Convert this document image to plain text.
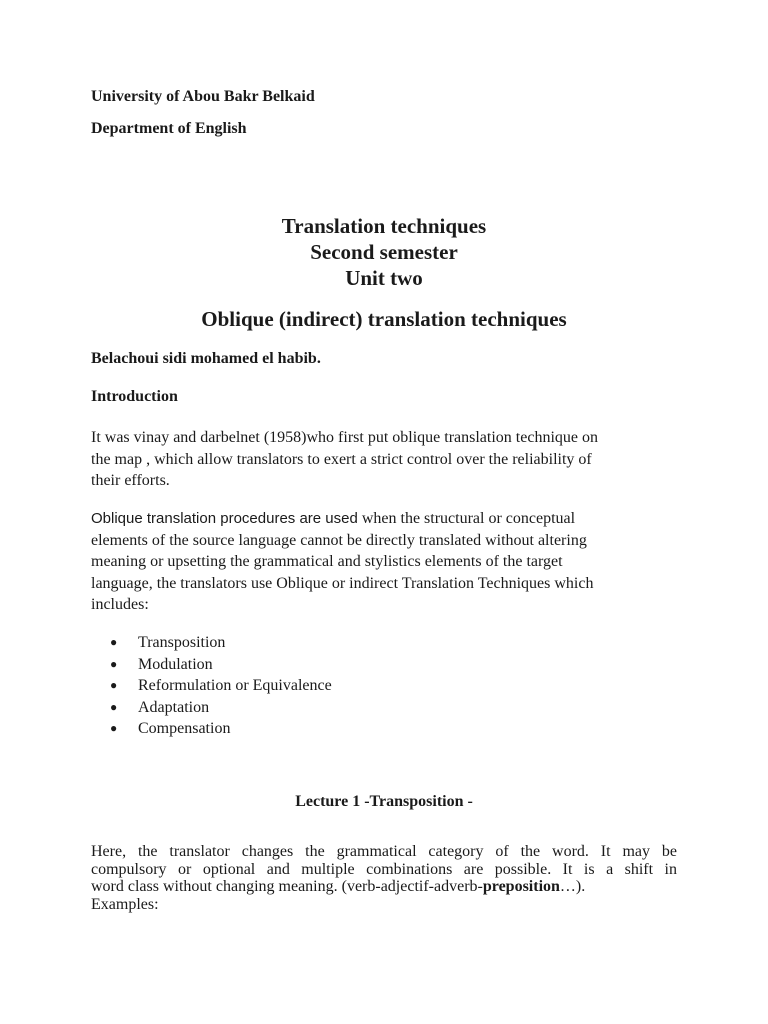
University of Abou Bakr Belkaid
Department of English
Translation techniques
Second semester
Unit two
Oblique (indirect) translation techniques
Belachoui sidi mohamed el habib.
Introduction
It was vinay and darbelnet (1958)who first put oblique translation technique on
the map , which allow translators to exert a strict control over the reliability of
their efforts.
Oblique translation procedures are used when the structural or conceptual
elements of the source language cannot be directly translated without altering
meaning or upsetting the grammatical and stylistics elements of the target
language, the translators use Oblique or indirect Translation Techniques which
includes:
● Transposition
● Modulation
● Reformulation or Equivalence
● Adaptation
● Compensation
Lecture 1 -Transposition -
Here, the translator changes the grammatical category of the word. It may be
compulsory or optional and multiple combinations are possible. It is a shift in
word class without changing meaning. (verb-adjectif-adverb-preposition…).
Examples:
